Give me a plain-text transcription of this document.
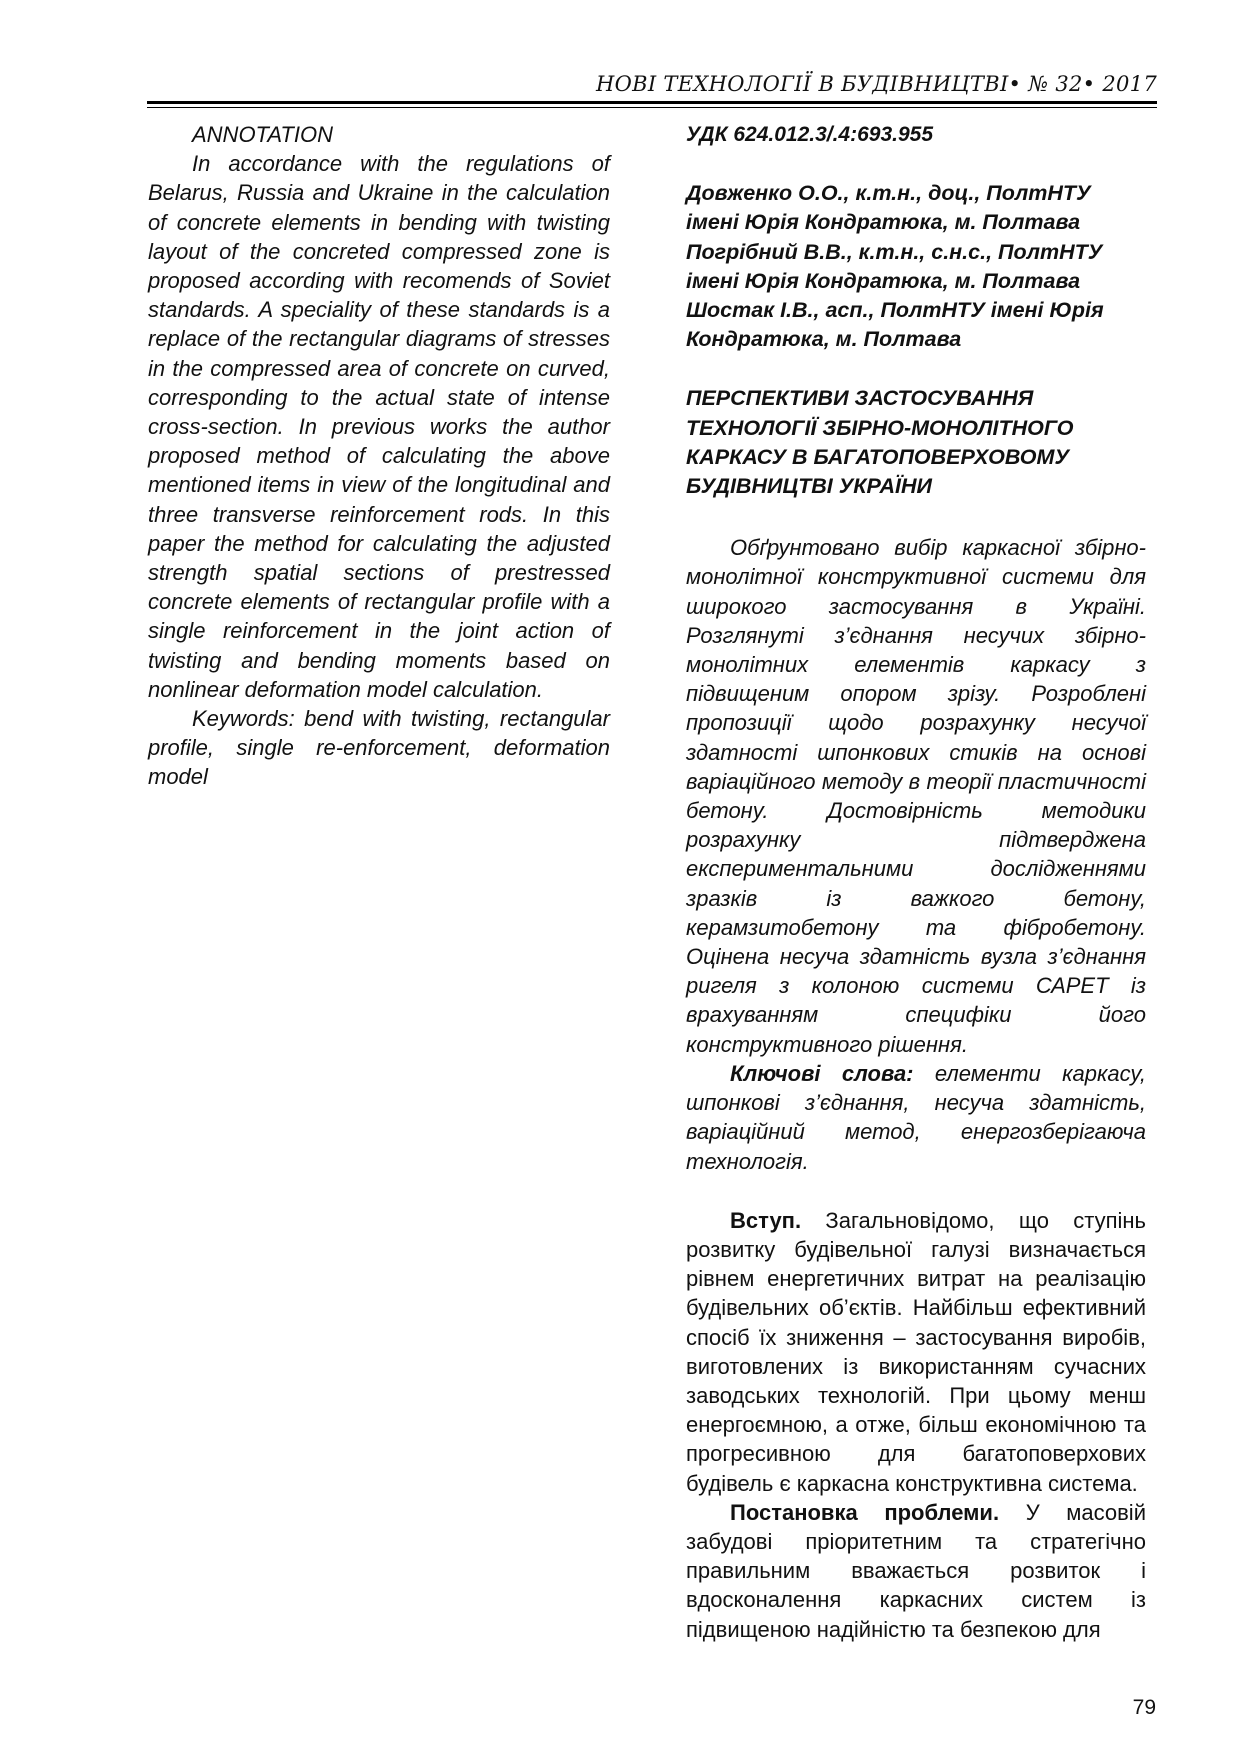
НОВІ ТЕХНОЛОГІЇ В БУДІВНИЦТВІ• № 32• 2017

ANNOTATION

In accordance with the regulations of Belarus, Russia and Ukraine in the calculation of concrete elements in bending with twisting layout of the concreted compressed zone is proposed according with recomends of Soviet standards. A speciality of these standards is a replace of the rectangular diagrams of stresses in the compressed area of concrete on curved, corresponding to the actual state of intense cross-section. In previous works the author proposed method of calculating the above mentioned items in view of the longitudinal and three transverse reinforcement rods. In this paper the method for calculating the adjusted strength spatial sections of prestressed concrete elements of rectangular profile with a single reinforcement in the joint action of twisting and bending moments based on nonlinear deformation model calculation.

Keywords: bend with twisting, rectangular profile, single re-enforcement, deformation model

УДК 624.012.3/.4:693.955

Довженко О.О., к.т.н., доц., ПолтНТУ
імені Юрія Кондратюка, м. Полтава
Погрібний В.В., к.т.н., с.н.с., ПолтНТУ
імені Юрія Кондратюка, м. Полтава
Шостак І.В., асп., ПолтНТУ імені Юрія
Кондратюка, м. Полтава
ПЕРСПЕКТИВИ ЗАСТОСУВАННЯ
ТЕХНОЛОГІЇ ЗБІРНО-МОНОЛІТНОГО
КАРКАСУ В БАГАТОПОВЕРХОВОМУ
БУДІВНИЦТВІ УКРАЇНИ

Обґрунтовано вибір каркасної збірно-монолітної конструктивної системи для широкого застосування в Україні. Розглянуті з’єднання несучих збірно-монолітних елементів каркасу з підвищеним опором зрізу. Розроблені пропозиції щодо розрахунку несучої здатності шпонкових стиків на основі варіаційного методу в теорії пластичності бетону. Достовірність методики розрахунку підтверджена експериментальними дослідженнями зразків із важкого бетону, керамзитобетону та фібробетону. Оцінена несуча здатність вузла з’єднання ригеля з колоною системи САРЕТ із врахуванням специфіки його конструктивного рішення.

Ключові слова: елементи каркасу, шпонкові з’єднання, несуча здатність, варіаційний метод, енергозберігаюча технологія.

Вступ. Загальновідомо, що ступінь розвитку будівельної галузі визначається рівнем енергетичних витрат на реалізацію будівельних об’єктів. Найбільш ефективний спосіб їх зниження – застосування виробів, виготовлених із використанням сучасних заводських технологій. При цьому менш енергоємною, а отже, більш економічною та прогресивною для багатоповерхових будівель є каркасна конструктивна система.

Постановка проблеми. У масовій забудові пріоритетним та стратегічно правильним вважається розвиток і вдосконалення каркасних систем із підвищеною надійністю та безпекою для

79
